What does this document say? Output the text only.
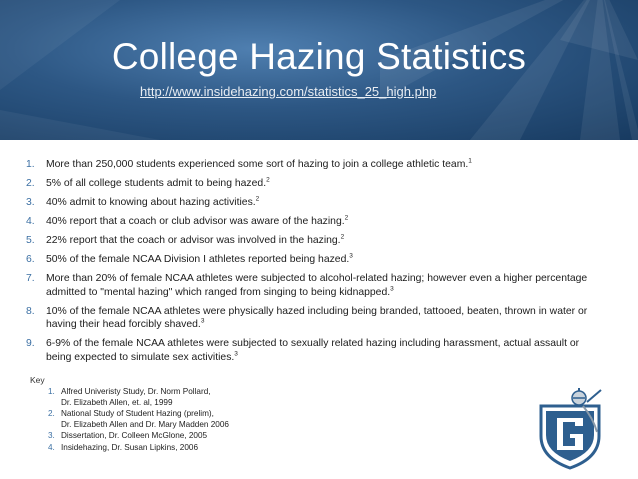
College Hazing Statistics
http://www.insidehazing.com/statistics_25_high.php
1.	More than 250,000 students experienced some sort of hazing to join a college athletic team.$^1$
2.	5% of all college students admit to being hazed.$^2$
3.	40% admit to knowing about hazing activities.$^2$
4.	40% report that a coach or club advisor was aware of the hazing.$^2$
5.	22% report that the coach or advisor was involved in the hazing.$^2$
6.	50% of the female NCAA Division I athletes reported being hazed.$^3$
7.	More than 20% of female NCAA athletes were subjected to alcohol-related hazing; however even a higher percentage admitted to "mental hazing" which ranged from singing to being kidnapped.$^3$
8.	10% of the female NCAA athletes were physically hazed including being branded, tattooed, beaten, thrown in water or having their head forcibly shaved.$^3$
9.	6-9% of the female NCAA athletes were subjected to sexually related hazing including harassment, actual assault or being expected to simulate sex activities.$^3$
Key
1. Alfred Univeristy Study, Dr. Norm Pollard,
Dr. Elizabeth Allen, et. al, 1999
2. National Study of Student Hazing (prelim),
Dr. Elizabeth Allen and Dr. Mary Madden 2006
3. Dissertation, Dr. Colleen McGlone, 2005
4. Insidehazing, Dr. Susan Lipkins, 2006
